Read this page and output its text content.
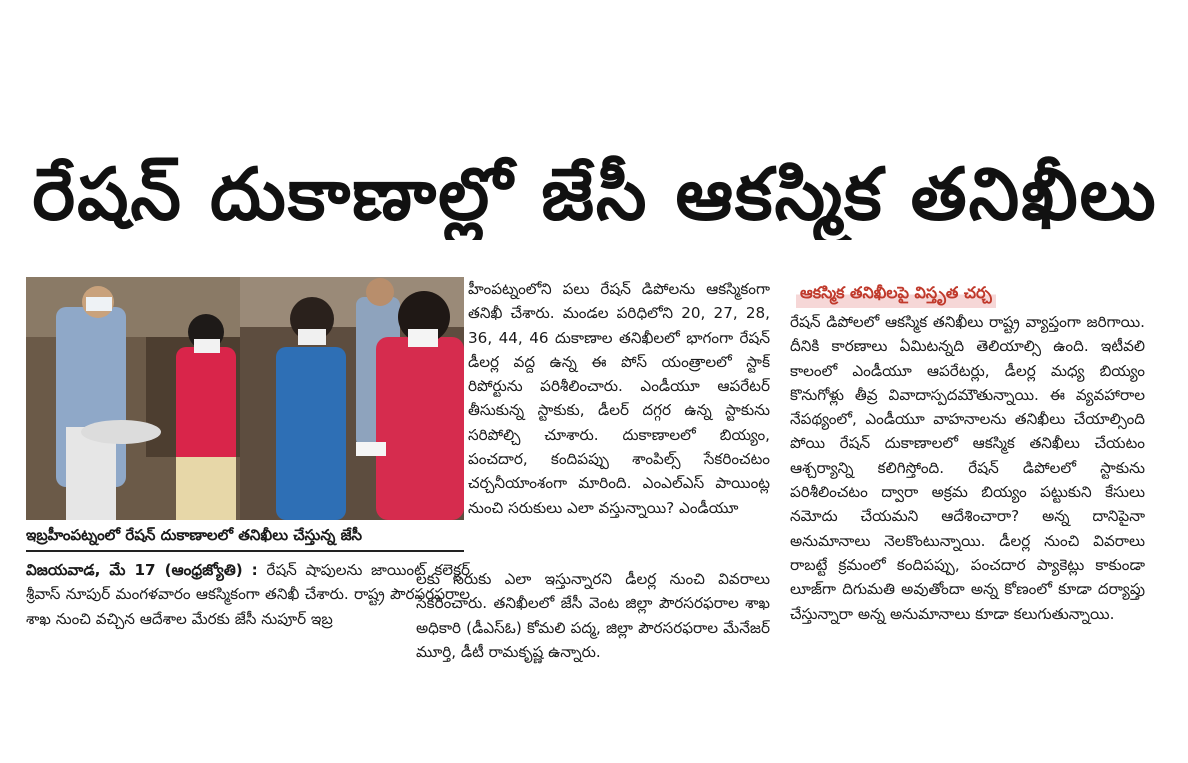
రేషన్ దుకాణాల్లో జేసీ ఆకస్మిక తనిఖీలు
ఇబ్రహీంపట్నంలో రేషన్ దుకాణాలలో తనిఖీలు చేస్తున్న జేసీ

విజయవాడ, మే 17 (ఆంధ్రజ్యోతి) : రేషన్ షాపులను జాయింట్ కలెక్టర్ శ్రీవాస్ నూపుర్ మంగళవారం ఆకస్మికంగా తనిఖీ చేశారు. రాష్ట్ర పౌరసరఫరాల శాఖ నుంచి వచ్చిన ఆదేశాల మేరకు జేసీ నుపూర్ ఇబ్ర

హీంపట్నంలోని పలు రేషన్ డిపోలను ఆకస్మికంగా తనిఖీ చేశారు. మండల పరిధిలోని 20, 27, 28, 36, 44, 46 దుకాణాల తనిఖీలలో భాగంగా రేషన్ డీలర్ల వద్ద ఉన్న ఈ పోస్ యంత్రాలలో స్టాక్ రిపోర్టును పరిశీలించారు. ఎండీయూ ఆపరేటర్ తీసుకున్న స్టాకుకు, డీలర్ దగ్గర ఉన్న స్టాకును సరిపోల్చి చూశారు. దుకాణాలలో బియ్యం, పంచదార, కందిపప్పు శాంపిల్స్ సేకరించటం చర్చనీయాంశంగా మారింది. ఎంఎల్ఎస్ పాయింట్ల నుంచి సరుకులు ఎలా వస్తున్నాయి? ఎండీయూ

లకు సరుకు ఎలా ఇస్తున్నారని డీలర్ల నుంచి వివరాలు సేకరించారు. తనిఖీలలో జేసీ వెంట జిల్లా పౌరసరఫరాల శాఖ అధికారి (డీఎస్ఓ) కోమలి పద్మ, జిల్లా పౌరసరఫరాల మేనేజర్ మూర్తి, డీటీ రామకృష్ణ ఉన్నారు.

ఆకస్మిక తనిఖీలపై విస్తృత చర్చ

రేషన్ డిపోలలో ఆకస్మిక తనిఖీలు రాష్ట్ర వ్యాప్తంగా జరిగాయి. దీనికి కారణాలు ఏమిటన్నది తెలియాల్సి ఉంది. ఇటీవలి కాలంలో ఎండీయూ ఆపరేటర్లు, డీలర్ల మధ్య బియ్యం కొనుగోళ్లు తీవ్ర వివాదాస్పదమౌతున్నాయి. ఈ వ్యవహారాల నేపథ్యంలో, ఎండీయూ వాహనాలను తనిఖీలు చేయాల్సింది పోయి రేషన్ దుకాణాలలో ఆకస్మిక తనిఖీలు చేయటం ఆశ్చర్యాన్ని కలిగిస్తోంది. రేషన్ డిపోలలో స్టాకును పరిశీలించటం ద్వారా అక్రమ బియ్యం పట్టుకుని కేసులు నమోదు చేయమని ఆదేశించారా? అన్న దానిపైనా అనుమానాలు నెలకొంటున్నాయి. డీలర్ల నుంచి వివరాలు రాబట్టే క్రమంలో కందిపప్పు, పంచదార ప్యాకెట్లు కాకుండా లూజ్‌గా దిగుమతి అవుతోందా అన్న కోణంలో కూడా దర్యాప్తు చేస్తున్నారా అన్న అనుమానాలు కూడా కలుగుతున్నాయి.
